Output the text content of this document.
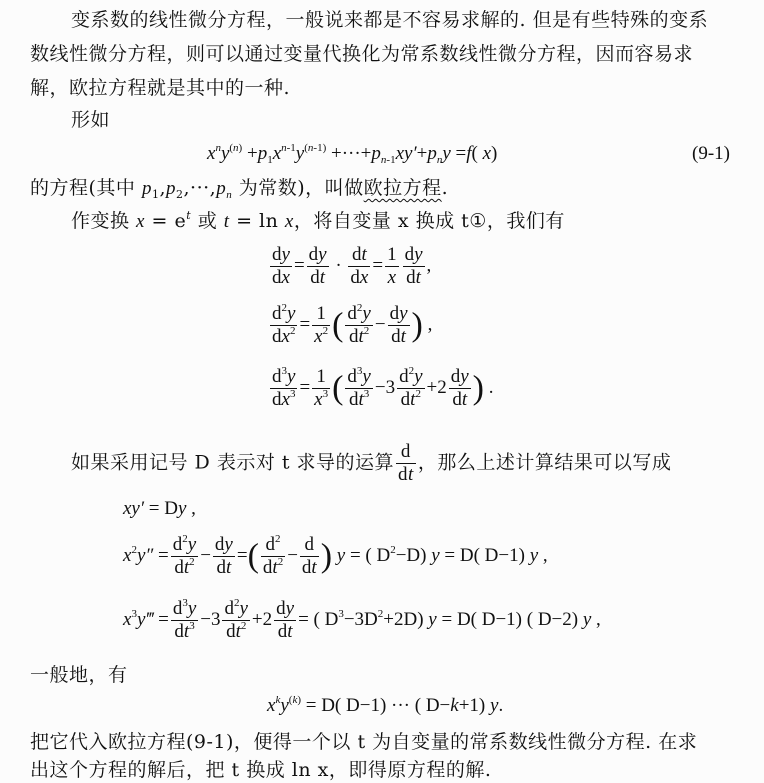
变系数的线性微分方程，一般说来都是不容易求解的. 但是有些特殊的变系
数线性微分方程，则可以通过变量代换化为常系数线性微分方程，因而容易求
解，欧拉方程就是其中的一种.
形如
$x^ny^{(n)} +p_1x^{n-1}y^{(n-1)} +\cdot\cdot\cdot+p_{n-1}xy'+p_ny =f$( x)	(9-1)
的方程(其中 $p_1,p_2,\cdot\cdot\cdot,p_n$ 为常数)，叫做欧拉方程.
作变换 $x = e^t$ 或 t = ln x，将自变量 x 换成 t①，我们有
$\frac{dy}{dx} = \frac{dy}{dt} \cdot \frac{dt}{dx} = \frac{1}{x} \frac{dy}{dt}$ ,
$\frac{d^2y}{dx^2} = \frac{1}{x^2}$ ( $\frac{d^2y}{dt^2} - \frac{dy}{dt}$ ) ,
$\frac{d^3y}{dx^3} = \frac{1}{x^3}$ ( $\frac{d^3y}{dt^3} -3 \frac{d^2y}{dt^2} +2 \frac{dy}{dt}$ ) .
如果采用记号 D 表示对 t 求导的运算 $\frac{d}{dt}$ ，那么上述计算结果可以写成
xy′ = Dy ,
$x^2y'' = \frac{d^2y}{dt^2} - \frac{dy}{dt}$ =( $\frac{d^2}{dt^2} - \frac{d}{dt}$ ) y = ( $D^2-D$) y = D( D−1) y ,
$x^3y‴ = \frac{d^3y}{dt^3} -3 \frac{d^2y}{dt^2} +2 \frac{dy}{dt}$ = ( $D^3-3D^2+2D$) y = D( D−1) ( D−2) y ,
一般地，有
$x^ky^{(k)} = D$( D−1) ··· ( D−k+1) y.
把它代入欧拉方程(9-1)，便得一个以 t 为自变量的常系数线性微分方程. 在求
出这个方程的解后，把 t 换成 ln x，即得原方程的解.
